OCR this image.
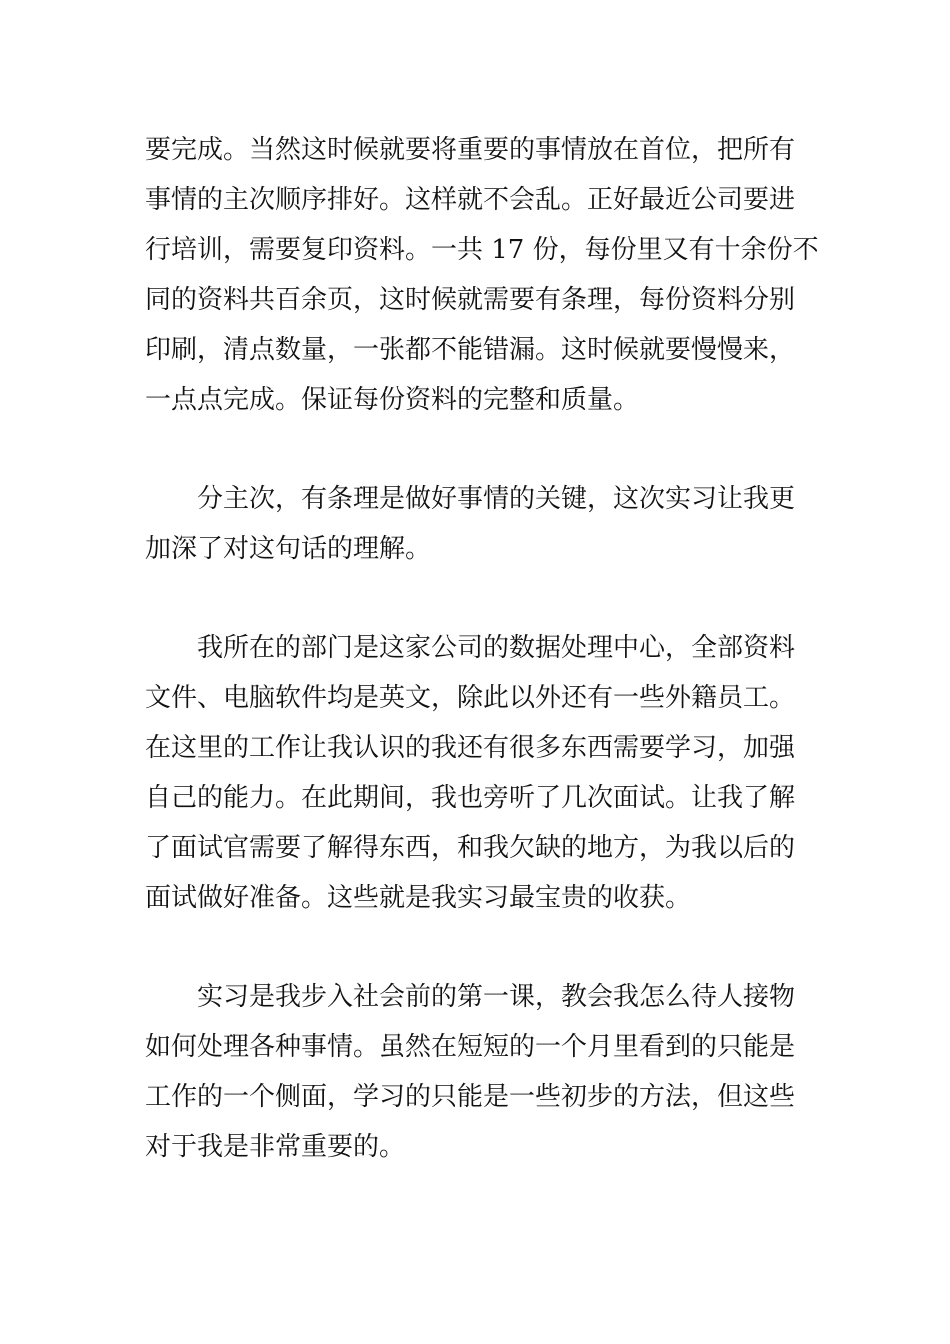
要完成。当然这时候就要将重要的事情放在首位，把所有
事情的主次顺序排好。这样就不会乱。正好最近公司要进
行培训，需要复印资料。一共 17 份，每份里又有十余份不
同的资料共百余页，这时候就需要有条理，每份资料分别
印刷，清点数量，一张都不能错漏。这时候就要慢慢来，
一点点完成。保证每份资料的完整和质量。
分主次，有条理是做好事情的关键，这次实习让我更
加深了对这句话的理解。
我所在的部门是这家公司的数据处理中心，全部资料
文件、电脑软件均是英文，除此以外还有一些外籍员工。
在这里的工作让我认识的我还有很多东西需要学习，加强
自己的能力。在此期间，我也旁听了几次面试。让我了解
了面试官需要了解得东西，和我欠缺的地方，为我以后的
面试做好准备。这些就是我实习最宝贵的收获。
实习是我步入社会前的第一课，教会我怎么待人接物
如何处理各种事情。虽然在短短的一个月里看到的只能是
工作的一个侧面，学习的只能是一些初步的方法，但这些
对于我是非常重要的。
